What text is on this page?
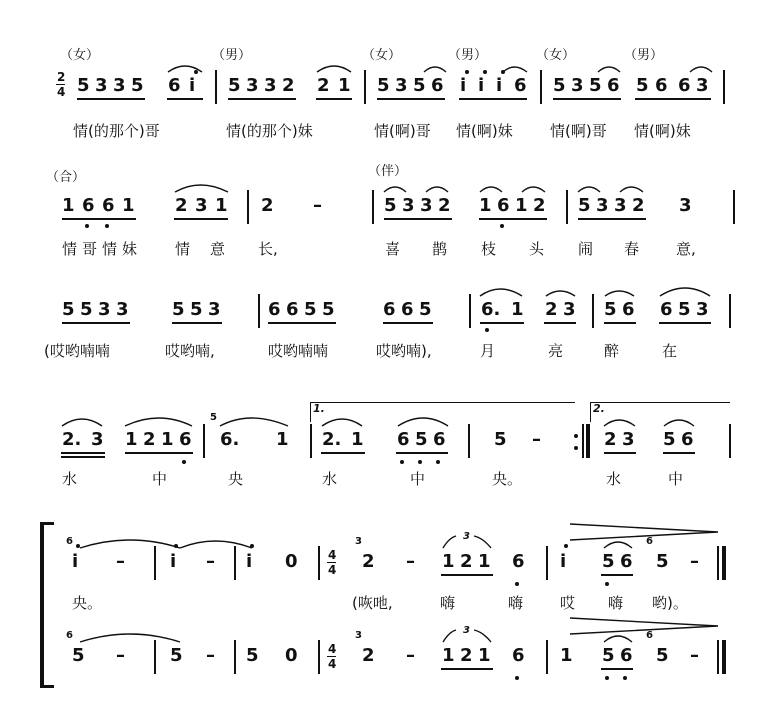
（女）	（男）	（女）	（男）	（女）	（男）
2
4 5 3 3 5 6 i 5 3 3 2 2 1 5 3 5 6 i i i 6 5 3 5 6 5 6 6 3
情(的那个)哥	情(的那个)妹	情(啊)哥 情(啊)妹 情(啊)哥 情(啊)妹
（合）	（伴）
1 6 6 1 2 3 1 2 –	5 3 3 2 1 6 1 2 5 3 3 2 3
情 哥 情 妹	情 意 长,	喜 鹊 枝 头 闹 春 意,
5 5 3 3 5 5 3	6 6 5 5	6 6 5	6. 1 2 3 5 6 6 5 3
(哎哟喃喃	哎哟喃,	哎哟喃喃	哎哟喃),	月	亮	醉	在
1.	2.
2. 3 1 2 1 6
5
6. 1 2. 1 6 5 6	5 –	2 3 5 6
水	中	央	水	中	央。	水	中
6
i –	i – i 0	4
4
3
2 –
3
1 2 1 6 i 5 6
6
5 –
央。	(咴吔,	嗨	嗨 哎 嗨 哟)。
6
5 –	5 – 5 0	4
4
3
2 –
3
1 2 1 6 1 5 6
6
5 –
